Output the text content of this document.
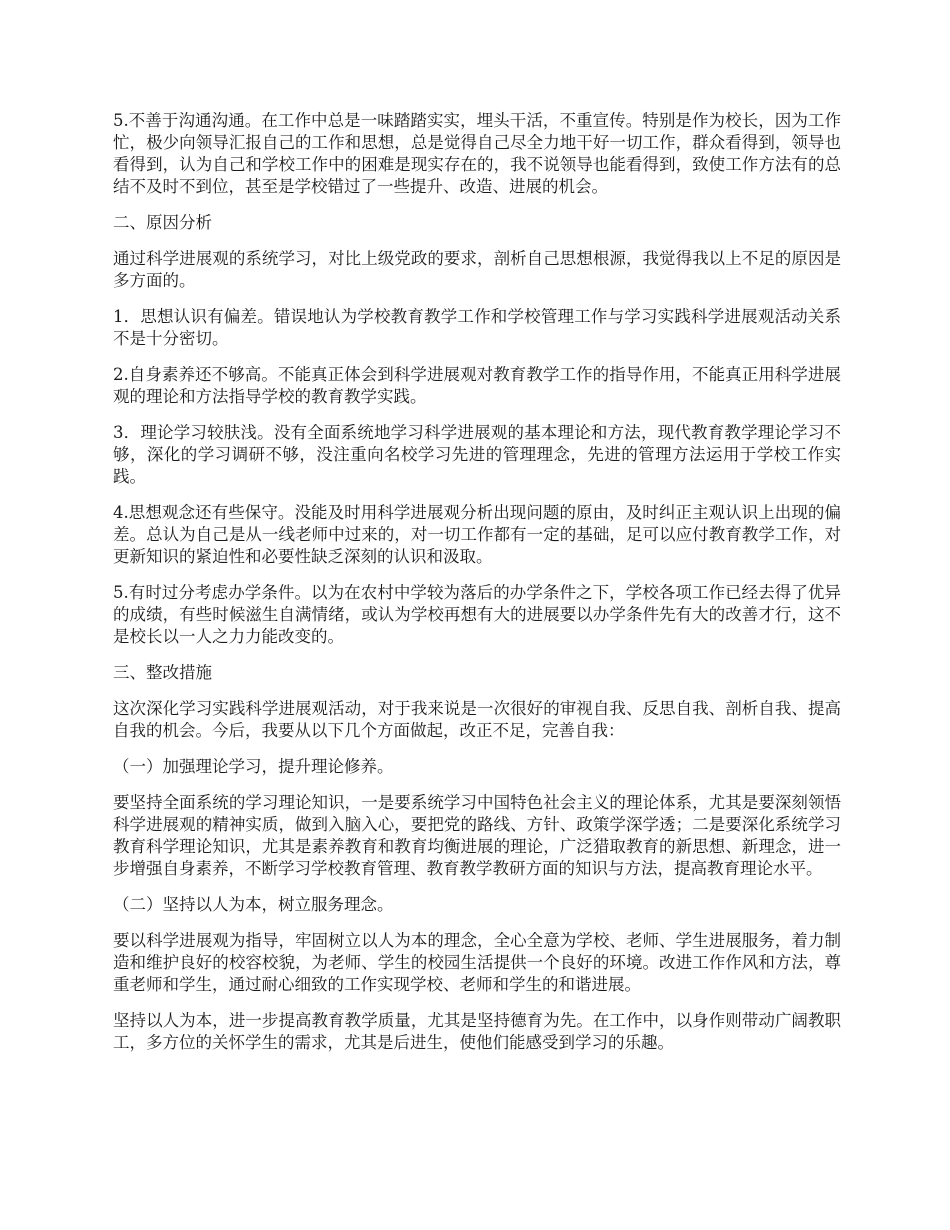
5.不善于沟通沟通。在工作中总是一味踏踏实实，埋头干活，不重宣传。特别是作为校长，因为工作忙，极少向领导汇报自己的工作和思想，总是觉得自己尽全力地干好一切工作，群众看得到，领导也看得到，认为自己和学校工作中的困难是现实存在的，我不说领导也能看得到，致使工作方法有的总结不及时不到位，甚至是学校错过了一些提升、改造、进展的机会。

二、原因分析

通过科学进展观的系统学习，对比上级党政的要求，剖析自己思想根源，我觉得我以上不足的原因是多方面的。

1．思想认识有偏差。错误地认为学校教育教学工作和学校管理工作与学习实践科学进展观活动关系不是十分密切。

2.自身素养还不够高。不能真正体会到科学进展观对教育教学工作的指导作用，不能真正用科学进展观的理论和方法指导学校的教育教学实践。

3．理论学习较肤浅。没有全面系统地学习科学进展观的基本理论和方法，现代教育教学理论学习不够，深化的学习调研不够，没注重向名校学习先进的管理理念，先进的管理方法运用于学校工作实践。

4.思想观念还有些保守。没能及时用科学进展观分析出现问题的原由，及时纠正主观认识上出现的偏差。总认为自己是从一线老师中过来的，对一切工作都有一定的基础，足可以应付教育教学工作，对更新知识的紧迫性和必要性缺乏深刻的认识和汲取。

5.有时过分考虑办学条件。以为在农村中学较为落后的办学条件之下，学校各项工作已经去得了优异的成绩，有些时候滋生自满情绪，或认为学校再想有大的进展要以办学条件先有大的改善才行，这不是校长以一人之力力能改变的。

三、整改措施

这次深化学习实践科学进展观活动，对于我来说是一次很好的审视自我、反思自我、剖析自我、提高自我的机会。今后，我要从以下几个方面做起，改正不足，完善自我：

（一）加强理论学习，提升理论修养。

要坚持全面系统的学习理论知识，一是要系统学习中国特色社会主义的理论体系，尤其是要深刻领悟科学进展观的精神实质，做到入脑入心，要把党的路线、方针、政策学深学透；二是要深化系统学习教育科学理论知识，尤其是素养教育和教育均衡进展的理论，广泛猎取教育的新思想、新理念，进一步增强自身素养，不断学习学校教育管理、教育教学教研方面的知识与方法，提高教育理论水平。

（二）坚持以人为本，树立服务理念。

要以科学进展观为指导，牢固树立以人为本的理念，全心全意为学校、老师、学生进展服务，着力制造和维护良好的校容校貌，为老师、学生的校园生活提供一个良好的环境。改进工作作风和方法，尊重老师和学生，通过耐心细致的工作实现学校、老师和学生的和谐进展。

坚持以人为本，进一步提高教育教学质量，尤其是坚持德育为先。在工作中，以身作则带动广阔教职工，多方位的关怀学生的需求，尤其是后进生，使他们能感受到学习的乐趣。
